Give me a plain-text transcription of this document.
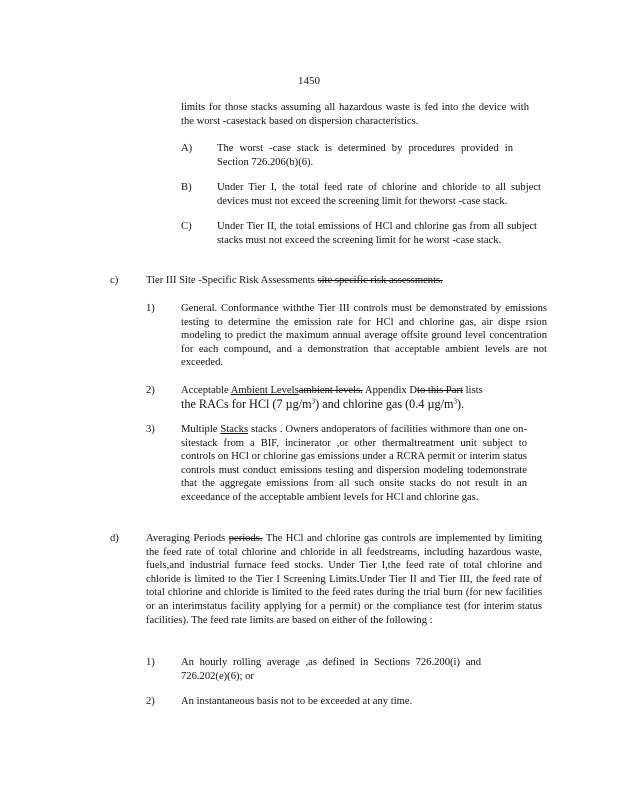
1450
limits for those stacks assuming all hazardous waste is fed into the device with the worst -casestack based on dispersion characteristics.
A) The worst -case stack is determined by procedures provided in Section 726.206(b)(6).
B) Under Tier I, the total feed rate of chlorine and chloride to all subject devices must not exceed the screening limit for theworst -case stack.
C) Under Tier II, the total emissions of HCl and chlorine gas from all subject stacks must not exceed the screening limit for he worst -case stack.
c)	Tier III Site -Specific Risk Assessments site specific risk assessments.
1) General. Conformance withthe Tier III controls must be demonstrated by emissions testing to determine the emission rate for HCl and chlorine gas, air dispe rsion modeling to predict the maximum annual average offsite ground level concentration for each compound, and a demonstration that acceptable ambient levels are not exceeded.
2) Acceptable Ambient Levelsambient levels. Appendix Dto this Part lists
the RACs for HCl (7 $\mu g/m^3$) and chlorine gas (0.4 $\mu g/m^3$).
3) Multiple Stacks stacks . Owners andoperators of facilities withmore than one on-sitestack from a BIF, incinerator ,or other thermaltreatment unit subject to controls on HCl or chlorine gas emissions under a RCRA permit or interim status controls must conduct emissions testing and dispersion modeling todemonstrate that the aggregate emissions from all such onsite stacks do not result in an exceedance of the acceptable ambient levels for HCl and chlorine gas.
d)	Averaging Periods periods. The HCl and chlorine gas controls are implemented by limiting the feed rate of total chlorine and chloride in all feedstreams, including hazardous waste, fuels,and industrial furnace feed stocks. Under Tier I,the feed rate of total chlorine and chloride is limited to the Tier I Screening Limits.Under Tier II and Tier III, the feed rate of total chlorine and chloride is limited to the feed rates during the trial burn (for new facilities or an interimstatus facility applying for a permit) or the compliance test (for interim status facilities). The feed rate limits are based on either of the following :
1) An hourly rolling average ,as defined in Sections 726.200(i) and 726.202(e)(6); or
2) An instantaneous basis not to be exceeded at any time.
